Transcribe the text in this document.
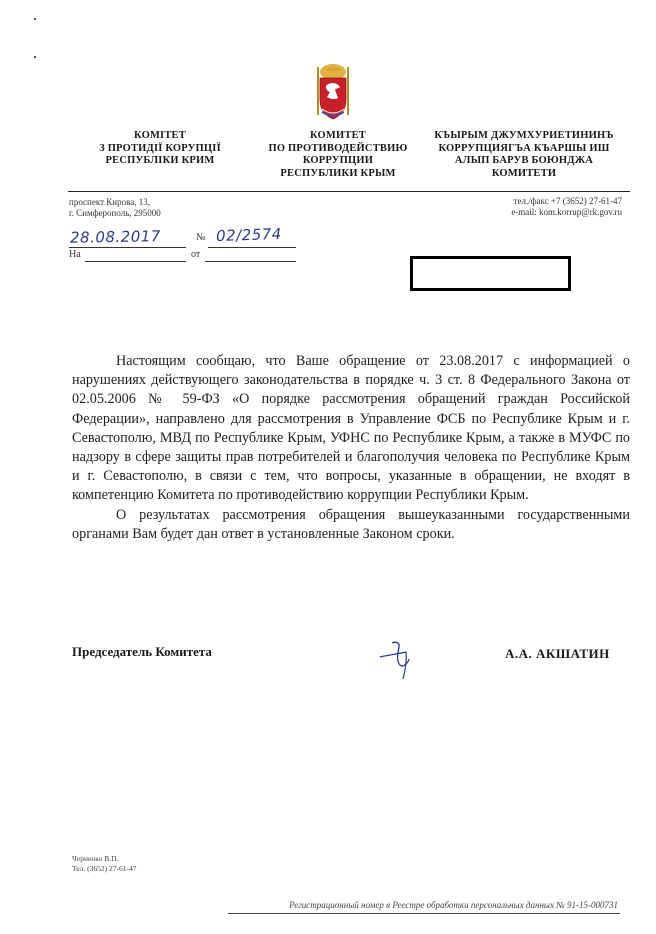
КОМІТЕТ
З ПРОТИДІЇ КОРУПЦІЇ
РЕСПУБЛІКИ КРИМ
КОМИТЕТ
ПО ПРОТИВОДЕЙСТВИЮ
КОРРУПЦИИ
РЕСПУБЛИКИ КРЫМ
КЪЫРЫМ ДЖУМХУРИЕТИНИНЪ
КОРРУПЦИЯГЪА КЪАРШЫ ИШ
АЛЫП БАРУВ БОЮНДЖА
КОМИТЕТИ
проспект Кирова, 13,
г. Симферополь, 295000
тел./факс +7 (3652) 27-61-47
e-mail: kom.korrup@rk.gov.ru
28.08.2017	№ 02/2574
На	от

Настоящим сообщаю, что Ваше обращение от 23.08.2017 с информацией о нарушениях действующего законодательства в порядке ч. 3 ст. 8 Федерального Закона от 02.05.2006 № 59-ФЗ «О порядке рассмотрения обращений граждан Российской Федерации», направлено для рассмотрения в Управление ФСБ по Республике Крым и г. Севастополю, МВД по Республике Крым, УФНС по Республике Крым, а также в МУФС по надзору в сфере защиты прав потребителей и благополучия человека по Республике Крым и г. Севастополю, в связи с тем, что вопросы, указанные в обращении, не входят в компетенцию Комитета по противодействию коррупции Республики Крым.

О результатах рассмотрения обращения вышеуказанными государственными органами Вам будет дан ответ в установленные Законом сроки.

Председатель Комитета	А.А. АКШАТИН
Черненко В.П.
Тел. (3652) 27-61-47
Регистрационный номер в Реестре обработки персональных данных № 91-15-000731
